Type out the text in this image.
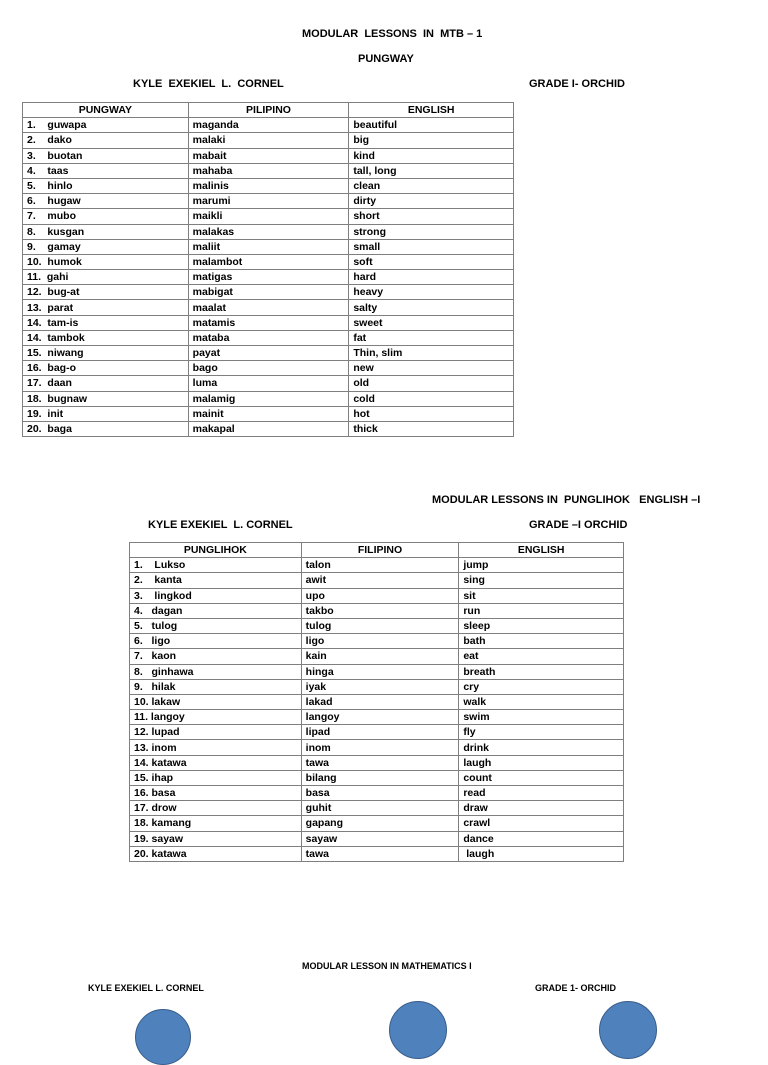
MODULAR  LESSONS  IN  MTB – 1
PUNGWAY
KYLE  EXEKIEL  L.  CORNEL	GRADE I- ORCHID
PUNGWAY	PILIPINO	ENGLISH
1.    guwapa	maganda	beautiful
2.    dako	malaki	big
3.    buotan	mabait	kind
4.    taas	mahaba	tall, long
5.    hinlo	malinis	clean
6.    hugaw	marumi	dirty
7.    mubo	maikli	short
8.    kusgan	malakas	strong
9.    gamay	maliit	small
10.  humok	malambot	soft
11.  gahi	matigas	hard
12.  bug-at	mabigat	heavy
13.  parat	maalat	salty
14.  tam-is	matamis	sweet
14.  tambok	mataba	fat
15.  niwang	payat	Thin, slim
16.  bag-o	bago	new
17.  daan	luma	old
18.  bugnaw	malamig	cold
19.  init	mainit	hot
20.  baga	makapal	thick
MODULAR LESSONS IN  PUNGLIHOK   ENGLISH –I
KYLE EXEKIEL  L. CORNEL	GRADE –I ORCHID
PUNGLIHOK	FILIPINO	ENGLISH
1.    Lukso	talon	jump
2.    kanta	awit	sing
3.    lingkod	upo	sit
4.   dagan	takbo	run
5.   tulog	tulog	sleep
6.   ligo	ligo	bath
7.   kaon	kain	eat
8.   ginhawa	hinga	breath
9.   hilak	iyak	cry
10. lakaw	lakad	walk
11. langoy	langoy	swim
12. lupad	lipad	fly
13. inom	inom	drink
14. katawa	tawa	laugh
15. ihap	bilang	count
16. basa	basa	read
17. drow	guhit	draw
18. kamang	gapang	crawl
19. sayaw	sayaw	dance
20. katawa	tawa	laugh
MODULAR LESSON IN MATHEMATICS I
KYLE EXEKIEL L. CORNEL	GRADE 1- ORCHID
